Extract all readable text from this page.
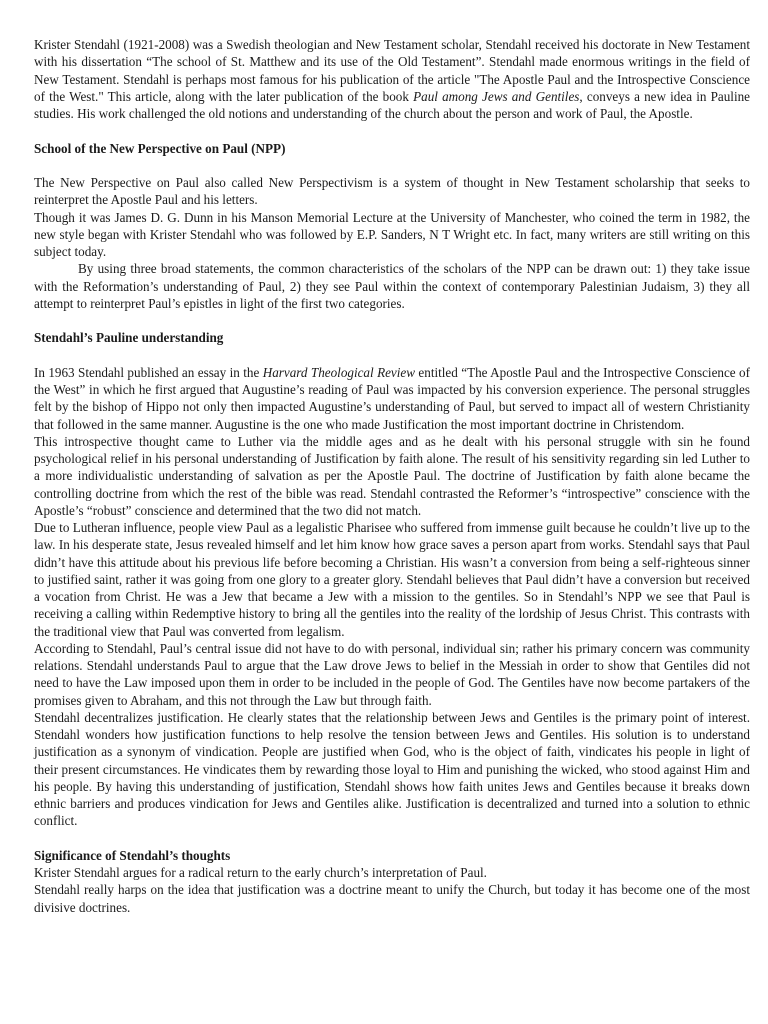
Krister Stendahl (1921-2008) was a Swedish theologian and New Testament scholar, Stendahl received his doctorate in New Testament with his dissertation “The school of St. Matthew and its use of the Old Testament”. Stendahl made enormous writings in the field of New Testament. Stendahl is perhaps most famous for his publication of the article "The Apostle Paul and the Introspective Conscience of the West." This article, along with the later publication of the book Paul among Jews and Gentiles, conveys a new idea in Pauline studies. His work challenged the old notions and understanding of the church about the person and work of Paul, the Apostle.

School of the New Perspective on Paul (NPP)

The New Perspective on Paul also called New Perspectivism is a system of thought in New Testament scholarship that seeks to reinterpret the Apostle Paul and his letters.

Though it was James D. G. Dunn in his Manson Memorial Lecture at the University of Manchester, who coined the term in 1982, the new style began with Krister Stendahl who was followed by E.P. Sanders, N T Wright etc. In fact, many writers are still writing on this subject today.

By using three broad statements, the common characteristics of the scholars of the NPP can be drawn out: 1) they take issue with the Reformation’s understanding of Paul, 2) they see Paul within the context of contemporary Palestinian Judaism, 3) they all attempt to reinterpret Paul’s epistles in light of the first two categories.

Stendahl’s Pauline understanding

In 1963 Stendahl published an essay in the Harvard Theological Review entitled “The Apostle Paul and the Introspective Conscience of the West” in which he first argued that Augustine’s reading of Paul was impacted by his conversion experience. The personal struggles felt by the bishop of Hippo not only then impacted Augustine’s understanding of Paul, but served to impact all of western Christianity that followed in the same manner. Augustine is the one who made Justification the most important doctrine in Christendom.

This introspective thought came to Luther via the middle ages and as he dealt with his personal struggle with sin he found psychological relief in his personal understanding of Justification by faith alone. The result of his sensitivity regarding sin led Luther to a more individualistic understanding of salvation as per the Apostle Paul. The doctrine of Justification by faith alone became the controlling doctrine from which the rest of the bible was read. Stendahl contrasted the Reformer’s “introspective” conscience with the Apostle’s “robust” conscience and determined that the two did not match.

Due to Lutheran influence, people view Paul as a legalistic Pharisee who suffered from immense guilt because he couldn’t live up to the law. In his desperate state, Jesus revealed himself and let him know how grace saves a person apart from works. Stendahl says that Paul didn’t have this attitude about his previous life before becoming a Christian. His wasn’t a conversion from being a self-righteous sinner to justified saint, rather it was going from one glory to a greater glory. Stendahl believes that Paul didn’t have a conversion but received a vocation from Christ. He was a Jew that became a Jew with a mission to the gentiles. So in Stendahl’s NPP we see that Paul is receiving a calling within Redemptive history to bring all the gentiles into the reality of the lordship of Jesus Christ. This contrasts with the traditional view that Paul was converted from legalism.

According to Stendahl, Paul’s central issue did not have to do with personal, individual sin; rather his primary concern was community relations. Stendahl understands Paul to argue that the Law drove Jews to belief in the Messiah in order to show that Gentiles did not need to have the Law imposed upon them in order to be included in the people of God. The Gentiles have now become partakers of the promises given to Abraham, and this not through the Law but through faith.

Stendahl decentralizes justification. He clearly states that the relationship between Jews and Gentiles is the primary point of interest. Stendahl wonders how justification functions to help resolve the tension between Jews and Gentiles. His solution is to understand justification as a synonym of vindication. People are justified when God, who is the object of faith, vindicates his people in light of their present circumstances. He vindicates them by rewarding those loyal to Him and punishing the wicked, who stood against Him and his people. By having this understanding of justification, Stendahl shows how faith unites Jews and Gentiles because it breaks down ethnic barriers and produces vindication for Jews and Gentiles alike. Justification is decentralized and turned into a solution to ethnic conflict.

Significance of Stendahl’s thoughts

Krister Stendahl argues for a radical return to the early church’s interpretation of Paul.

Stendahl really harps on the idea that justification was a doctrine meant to unify the Church, but today it has become one of the most divisive doctrines.
